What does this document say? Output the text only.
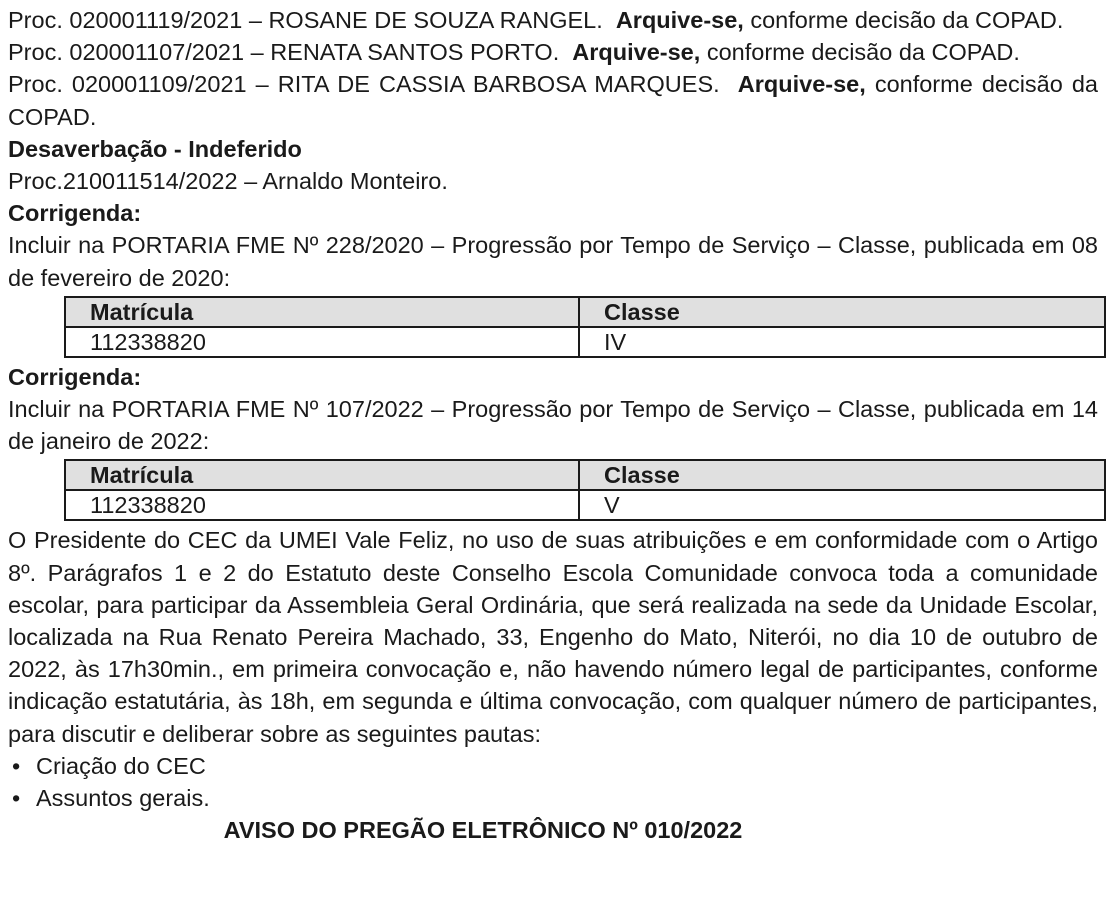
Proc. 020001119/2021 – ROSANE DE SOUZA RANGEL. Arquive-se, conforme decisão da COPAD.
Proc. 020001107/2021 – RENATA SANTOS PORTO. Arquive-se, conforme decisão da COPAD.
Proc. 020001109/2021 – RITA DE CASSIA BARBOSA MARQUES. Arquive-se, conforme decisão da COPAD.
Desaverbação - Indeferido
Proc.210011514/2022 – Arnaldo Monteiro.
Corrigenda:
Incluir na PORTARIA FME Nº 228/2020 – Progressão por Tempo de Serviço – Classe, publicada em 08 de fevereiro de 2020:
Matrícula	Classe
112338820	IV
Corrigenda:
Incluir na PORTARIA FME Nº 107/2022 – Progressão por Tempo de Serviço – Classe, publicada em 14 de janeiro de 2022:
Matrícula	Classe
112338820	V
O Presidente do CEC da UMEI Vale Feliz, no uso de suas atribuições e em conformidade com o Artigo 8º. Parágrafos 1 e 2 do Estatuto deste Conselho Escola Comunidade convoca toda a comunidade escolar, para participar da Assembleia Geral Ordinária, que será realizada na sede da Unidade Escolar, localizada na Rua Renato Pereira Machado, 33, Engenho do Mato, Niterói, no dia 10 de outubro de 2022, às 17h30min., em primeira convocação e, não havendo número legal de participantes, conforme indicação estatutária, às 18h, em segunda e última convocação, com qualquer número de participantes, para discutir e deliberar sobre as seguintes pautas:
• Criação do CEC
• Assuntos gerais.
AVISO DO PREGÃO ELETRÔNICO Nº 010/2022
